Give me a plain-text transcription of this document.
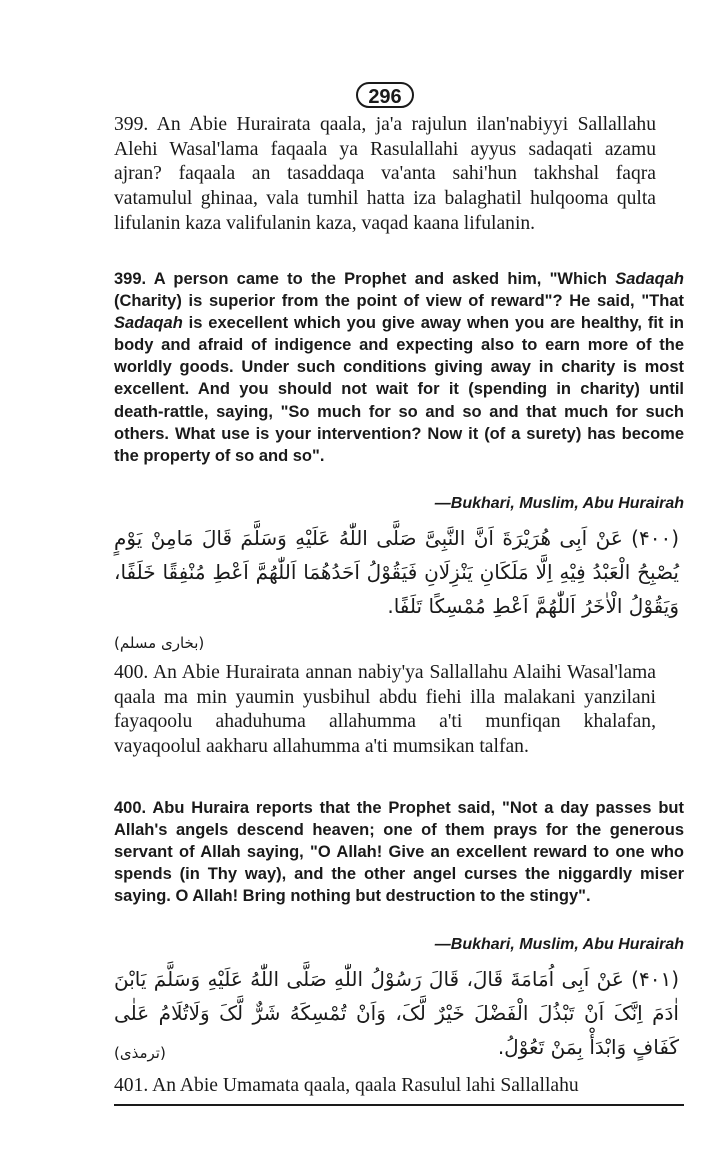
296

399. An Abie Hurairata qaala, ja'a rajulun ilan'nabiyyi Sallallahu Alehi Wasal'lama faqaala ya Rasulallahi ayyus sadaqati azamu ajran? faqaala an tasaddaqa va'anta sahi'hun takhshal faqra vatamulul ghinaa, vala tumhil hatta iza balaghatil hulqooma qulta lifulanin kaza valifulanin kaza, vaqad kaana lifulanin.

399. A person came to the Prophet and asked him, "Which Sadaqah (Charity) is superior from the point of view of reward"? He said, "That Sadaqah is execellent which you give away when you are healthy, fit in body and afraid of indigence and expecting also to earn more of the worldly goods. Under such conditions giving away in charity is most excellent. And you should not wait for it (spending in charity) until death-rattle, saying, "So much for so and so and that much for such others. What use is your intervention? Now it (of a surety) has become the property of so and so".

—Bukhari, Muslim, Abu Hurairah

(۴۰۰) عَنْ اَبِی هُرَیْرَةَ اَنَّ النَّبِیَّ صَلَّی اللّٰهُ عَلَیْهِ وَسَلَّمَ قَالَ مَامِنْ یَوْمٍ یُصْبِحُ الْعَبْدُ فِیْهِ اِلَّا مَلَکَانِ یَنْزِلَانِ فَیَقُوْلُ اَحَدُهُمَا اَللّٰهُمَّ اَعْطِ مُنْفِقًا خَلَفًا، وَیَقُوْلُ الْاٰخَرُ اَللّٰهُمَّ اَعْطِ مُمْسِکًا تَلَفًا.

(بخاری مسلم)

400. An Abie Hurairata annan nabiy'ya Sallallahu Alaihi Wasal'lama qaala ma min yaumin yusbihul abdu fiehi illa malakani yanzilani fayaqoolu ahaduhuma allahumma a'ti munfiqan khalafan, vayaqoolul aakharu allahumma a'ti mumsikan talfan.

400. Abu Huraira reports that the Prophet said, "Not a day passes but Allah's angels descend heaven; one of them prays for the generous servant of Allah saying, "O Allah! Give an excellent reward to one who spends (in Thy way), and the other angel curses the niggardly miser saying. O Allah! Bring nothing but destruction to the stingy".

—Bukhari, Muslim, Abu Hurairah

(۴۰۱) عَنْ اَبِی اُمَامَةَ قَالَ، قَالَ رَسُوْلُ اللّٰهِ صَلَّی اللّٰهُ عَلَیْهِ وَسَلَّمَ یَابْنَ اٰدَمَ اِنَّکَ اَنْ تَبْذُلَ الْفَضْلَ خَیْرٌ لَّکَ، وَاَنْ تُمْسِکَهُ شَرٌّ لَّکَ وَلَاتُلَامُ عَلٰی کَفَافٍ وَابْدَأْ بِمَنْ تَعُوْلُ.

(ترمذی)

401. An Abie Umamata qaala, qaala Rasulul lahi Sallallahu
